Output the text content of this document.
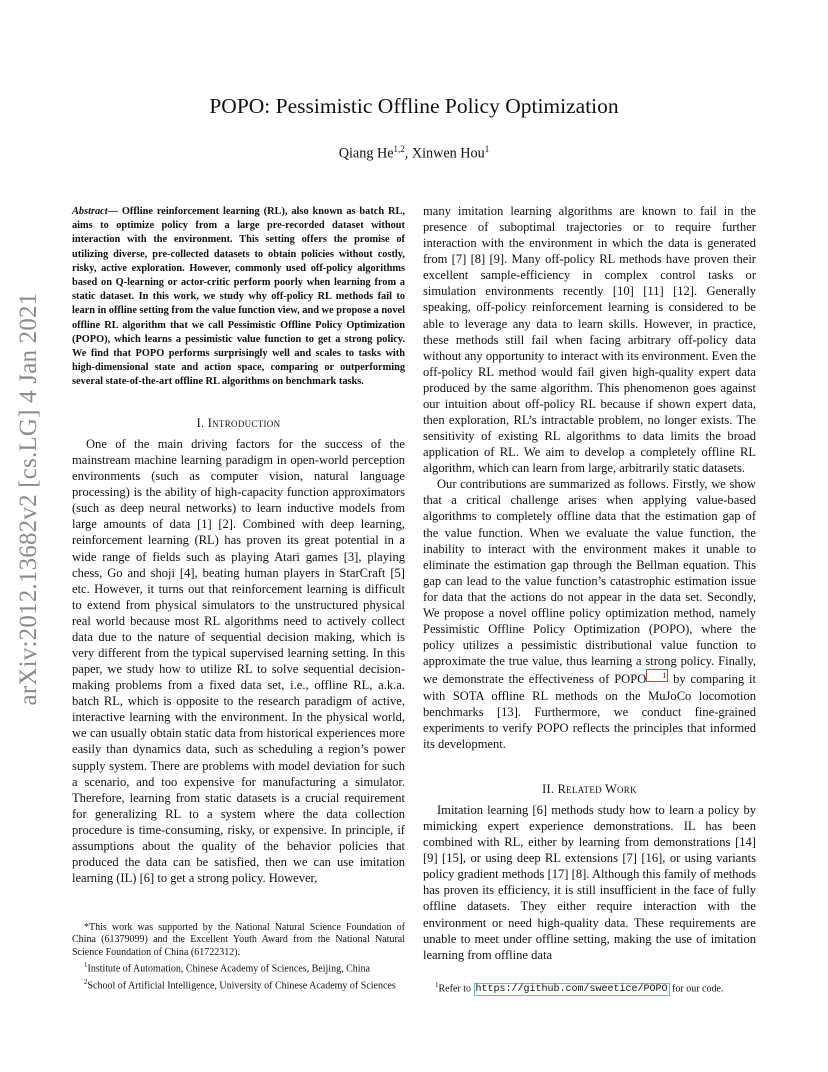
arXiv:2012.13682v2 [cs.LG] 4 Jan 2021
POPO: Pessimistic Offline Policy Optimization
Qiang He$^{1,2}$, Xinwen Hou$^1$
Abstract— Offline reinforcement learning (RL), also known as batch RL, aims to optimize policy from a large pre-recorded dataset without interaction with the environment. This setting offers the promise of utilizing diverse, pre-collected datasets to obtain policies without costly, risky, active exploration. However, commonly used off-policy algorithms based on Q-learning or actor-critic perform poorly when learning from a static dataset. In this work, we study why off-policy RL methods fail to learn in offline setting from the value function view, and we propose a novel offline RL algorithm that we call Pessimistic Offline Policy Optimization (POPO), which learns a pessimistic value function to get a strong policy. We find that POPO performs surprisingly well and scales to tasks with high-dimensional state and action space, comparing or outperforming several state-of-the-art offline RL algorithms on benchmark tasks.
I. Introduction

One of the main driving factors for the success of the mainstream machine learning paradigm in open-world perception environments (such as computer vision, natural language processing) is the ability of high-capacity function approximators (such as deep neural networks) to learn inductive models from large amounts of data [1] [2]. Combined with deep learning, reinforcement learning (RL) has proven its great potential in a wide range of fields such as playing Atari games [3], playing chess, Go and shoji [4], beating human players in StarCraft [5] etc. However, it turns out that reinforcement learning is difficult to extend from physical simulators to the unstructured physical real world because most RL algorithms need to actively collect data due to the nature of sequential decision making, which is very different from the typical supervised learning setting. In this paper, we study how to utilize RL to solve sequential decision-making problems from a fixed data set, i.e., offline RL, a.k.a. batch RL, which is opposite to the research paradigm of active, interactive learning with the environment. In the physical world, we can usually obtain static data from historical experiences more easily than dynamics data, such as scheduling a region’s power supply system. There are problems with model deviation for such a scenario, and too expensive for manufacturing a simulator. Therefore, learning from static datasets is a crucial requirement for generalizing RL to a system where the data collection procedure is time-consuming, risky, or expensive. In principle, if assumptions about the quality of the behavior policies that produced the data can be satisfied, then we can use imitation learning (IL) [6] to get a strong policy. However,

*This work was supported by the National Natural Science Foundation of China (61379099) and the Excellent Youth Award from the National Natural Science Foundation of China (61722312).

$^1$Institute of Automation, Chinese Academy of Sciences, Beijing, China

$^2$School of Artificial Intelligence, University of Chinese Academy of Sciences

many imitation learning algorithms are known to fail in the presence of suboptimal trajectories or to require further interaction with the environment in which the data is generated from [7] [8] [9]. Many off-policy RL methods have proven their excellent sample-efficiency in complex control tasks or simulation environments recently [10] [11] [12]. Generally speaking, off-policy reinforcement learning is considered to be able to leverage any data to learn skills. However, in practice, these methods still fail when facing arbitrary off-policy data without any opportunity to interact with its environment. Even the off-policy RL method would fail given high-quality expert data produced by the same algorithm. This phenomenon goes against our intuition about off-policy RL because if shown expert data, then exploration, RL’s intractable problem, no longer exists. The sensitivity of existing RL algorithms to data limits the broad application of RL. We aim to develop a completely offline RL algorithm, which can learn from large, arbitrarily static datasets.

Our contributions are summarized as follows. Firstly, we show that a critical challenge arises when applying value-based algorithms to completely offline data that the estimation gap of the value function. When we evaluate the value function, the inability to interact with the environment makes it unable to eliminate the estimation gap through the Bellman equation. This gap can lead to the value function’s catastrophic estimation issue for data that the actions do not appear in the data set. Secondly, We propose a novel offline policy optimization method, namely Pessimistic Offline Policy Optimization (POPO), where the policy utilizes a pessimistic distributional value function to approximate the true value, thus learning a strong policy. Finally, we demonstrate the effectiveness of POPO 1 by comparing it with SOTA offline RL methods on the MuJoCo locomotion benchmarks [13]. Furthermore, we conduct fine-grained experiments to verify POPO reflects the principles that informed its development.

II. Related Work

Imitation learning [6] methods study how to learn a policy by mimicking expert experience demonstrations. IL has been combined with RL, either by learning from demonstrations [14] [9] [15], or using deep RL extensions [7] [16], or using variants policy gradient methods [17] [8]. Although this family of methods has proven its efficiency, it is still insufficient in the face of fully offline datasets. They either require interaction with the environment or need high-quality data. These requirements are unable to meet under offline setting, making the use of imitation learning from offline data

$^1$Refer to https://github.com/sweetice/POPO for our code.
